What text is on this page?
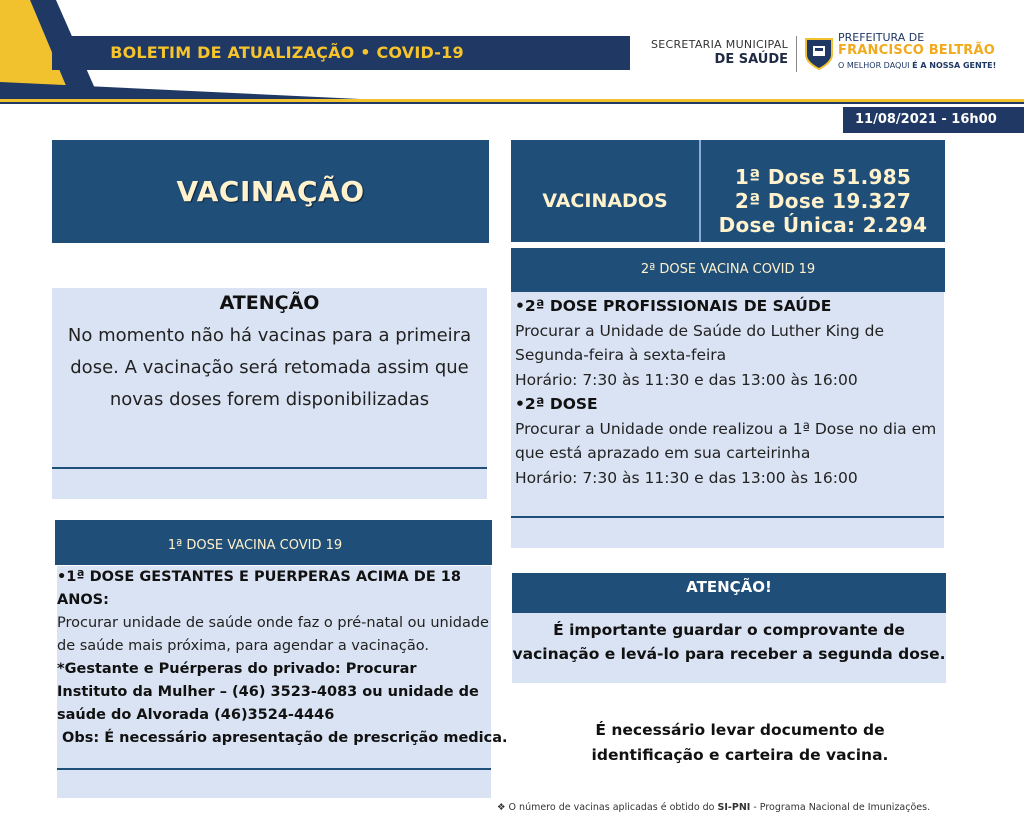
BOLETIM DE ATUALIZAÇÃO • COVID-19	SECRETARIA MUNICIPAL
DE SAÚDE
PREFEITURA DE
FRANCISCO BELTRÃO
O MELHOR DAQUI É A NOSSA GENTE!
11/08/2021 - 16h00
VACINAÇÃO
ATENÇÃO
No momento não há vacinas para a primeira dose. A vacinação será retomada assim que novas doses forem disponibilizadas
1ª DOSE VACINA COVID 19
•1ª DOSE GESTANTES E PUERPERAS ACIMA DE 18 ANOS:
Procurar unidade de saúde onde faz o pré-natal ou unidade de saúde mais próxima, para agendar a vacinação.
*Gestante e Puérperas do privado: Procurar Instituto da Mulher – (46) 3523-4083 ou unidade de saúde do Alvorada (46)3524-4446
Obs: É necessário apresentação de prescrição medica.
VACINADOS
1ª Dose 51.985
2ª Dose 19.327
Dose Única: 2.294
2ª DOSE VACINA COVID 19
•2ª DOSE PROFISSIONAIS DE SAÚDE
Procurar a Unidade de Saúde do Luther King de Segunda-feira à sexta-feira
Horário: 7:30 às 11:30 e das 13:00 às 16:00
•2ª DOSE
Procurar a Unidade onde realizou a 1ª Dose no dia em que está aprazado em sua carteirinha
Horário: 7:30 às 11:30 e das 13:00 às 16:00
ATENÇÃO!
É importante guardar o comprovante de vacinação e levá-lo para receber a segunda dose.
É necessário levar documento de identificação e carteira de vacina.
❖ O número de vacinas aplicadas é obtido do SI-PNI - Programa Nacional de Imunizações.
